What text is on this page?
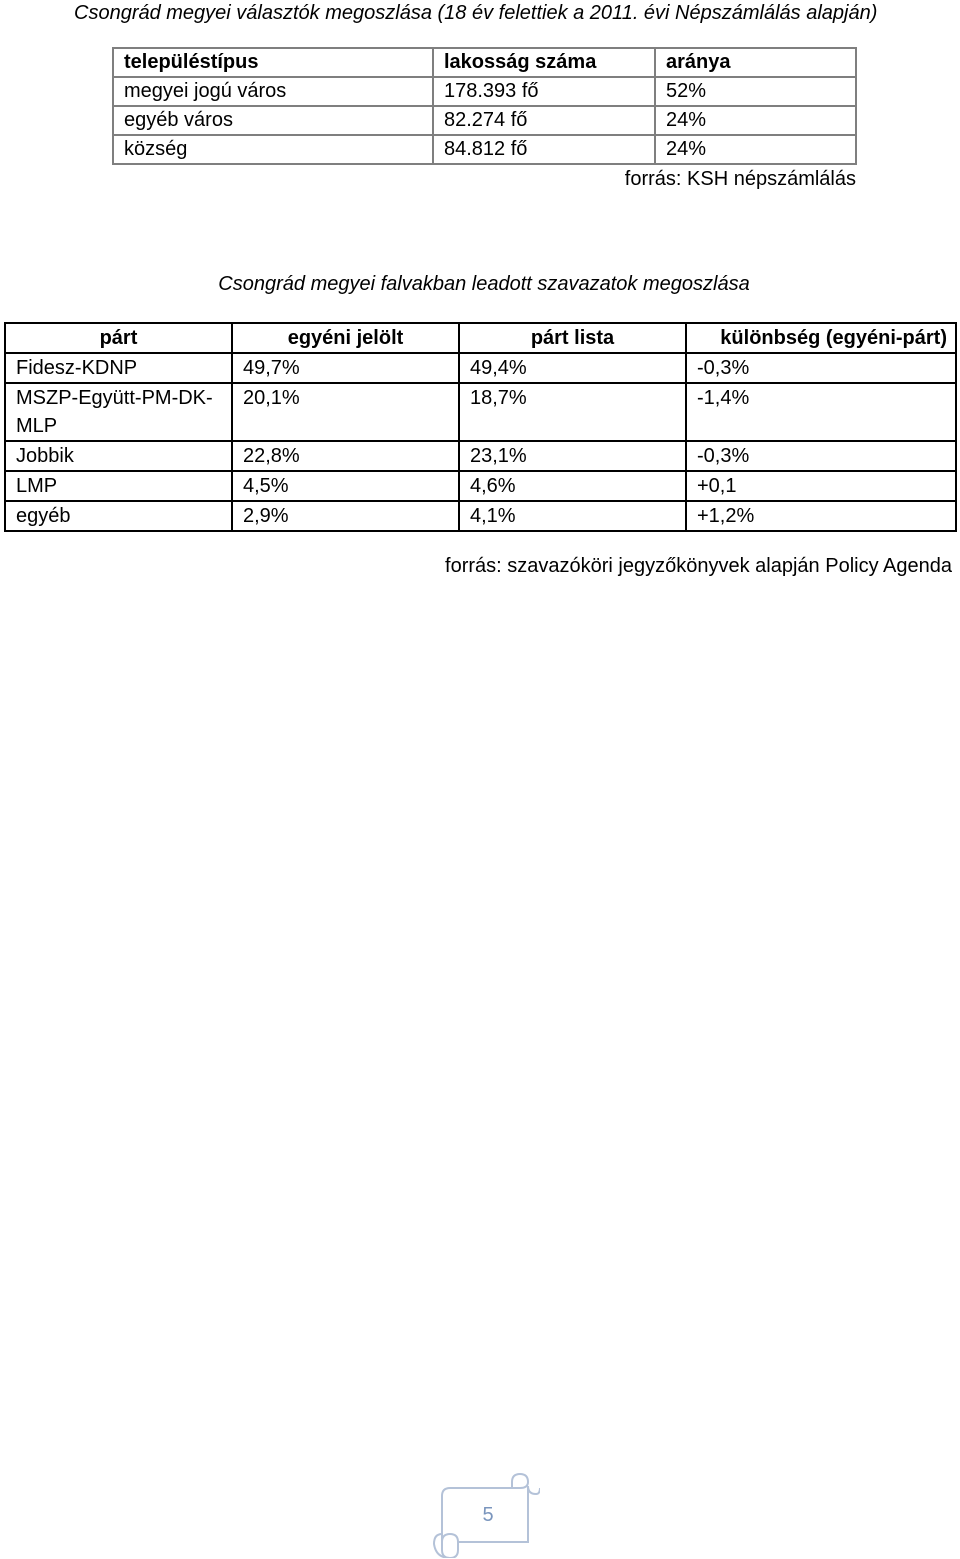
Csongrád megyei választók megoszlása (18 év felettiek a 2011. évi Népszámlálás alapján)
településtípus	lakosság száma	aránya
megyei jogú város	178.393 fő	52%
egyéb város	82.274 fő	24%
község	84.812 fő	24%
forrás: KSH népszámlálás
Csongrád megyei falvakban leadott szavazatok megoszlása
párt	egyéni jelölt	párt lista	különbség (egyéni-párt)
Fidesz-KDNP	49,7%	49,4%	-0,3%
MSZP-Együtt-PM-DK-MLP	20,1%	18,7%	-1,4%
Jobbik	22,8%	23,1%	-0,3%
LMP	4,5%	4,6%	+0,1
egyéb	2,9%	4,1%	+1,2%
forrás: szavazóköri jegyzőkönyvek alapján Policy Agenda
5
